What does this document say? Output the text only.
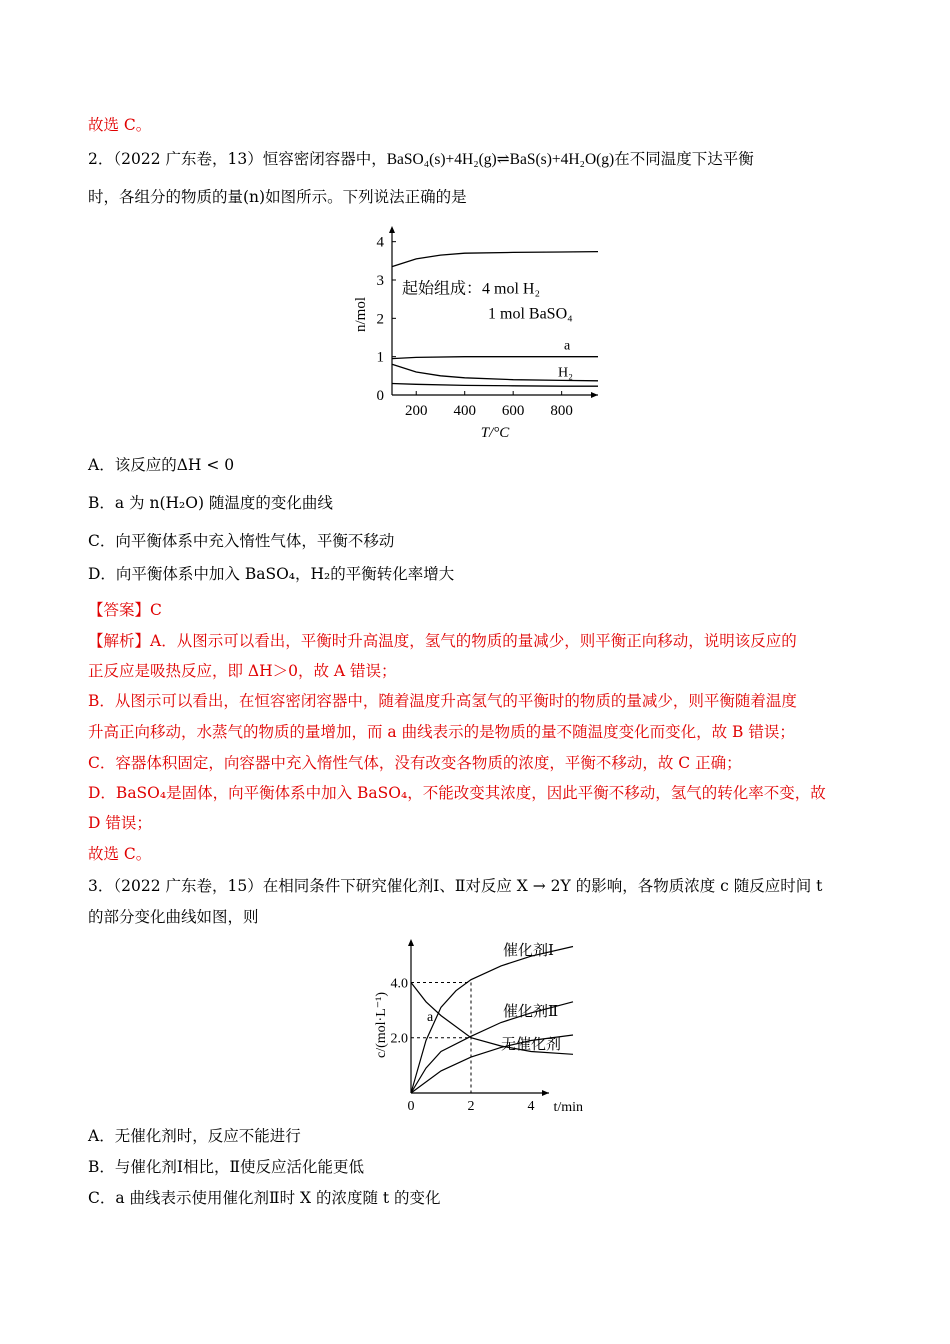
故选 C。
2．（2022 广东卷，13）恒容密闭容器中，BaSO₄(s)+4H₂(g)⇌BaS(s)+4H₂O(g)在不同温度下达平衡
时，各组分的物质的量(n)如图所示。下列说法正确的是
200 400 600 800
0
1
2
3
4
T/°C
n/mol
a
H₂
起始组成：4 mol H₂
1 mol BaSO₄
A．该反应的ΔH < 0
B．a 为 n(H₂O) 随温度的变化曲线
C．向平衡体系中充入惰性气体，平衡不移动
D．向平衡体系中加入 BaSO₄，H₂的平衡转化率增大
【答案】C
【解析】A．从图示可以看出，平衡时升高温度，氢气的物质的量减少，则平衡正向移动，说明该反应的
正反应是吸热反应，即 ΔH＞0，故 A 错误；
B．从图示可以看出，在恒容密闭容器中，随着温度升高氢气的平衡时的物质的量减少，则平衡随着温度
升高正向移动，水蒸气的物质的量增加，而 a 曲线表示的是物质的量不随温度变化而变化，故 B 错误；
C．容器体积固定，向容器中充入惰性气体，没有改变各物质的浓度，平衡不移动，故 C 正确；
D．BaSO₄是固体，向平衡体系中加入 BaSO₄，不能改变其浓度，因此平衡不移动，氢气的转化率不变，故
D 错误；
故选 C。
3．（2022 广东卷，15）在相同条件下研究催化剂Ⅰ、Ⅱ对反应 X → 2Y 的影响，各物质浓度 c 随反应时间 t
的部分变化曲线如图，则
0	2	4
2.0
4.0
t/min
c/(mol·L⁻¹)
催化剂Ⅰ
催化剂Ⅱ
无催化剂
a
A．无催化剂时，反应不能进行
B．与催化剂Ⅰ相比，Ⅱ使反应活化能更低
C．a 曲线表示使用催化剂Ⅱ时 X 的浓度随 t 的变化
